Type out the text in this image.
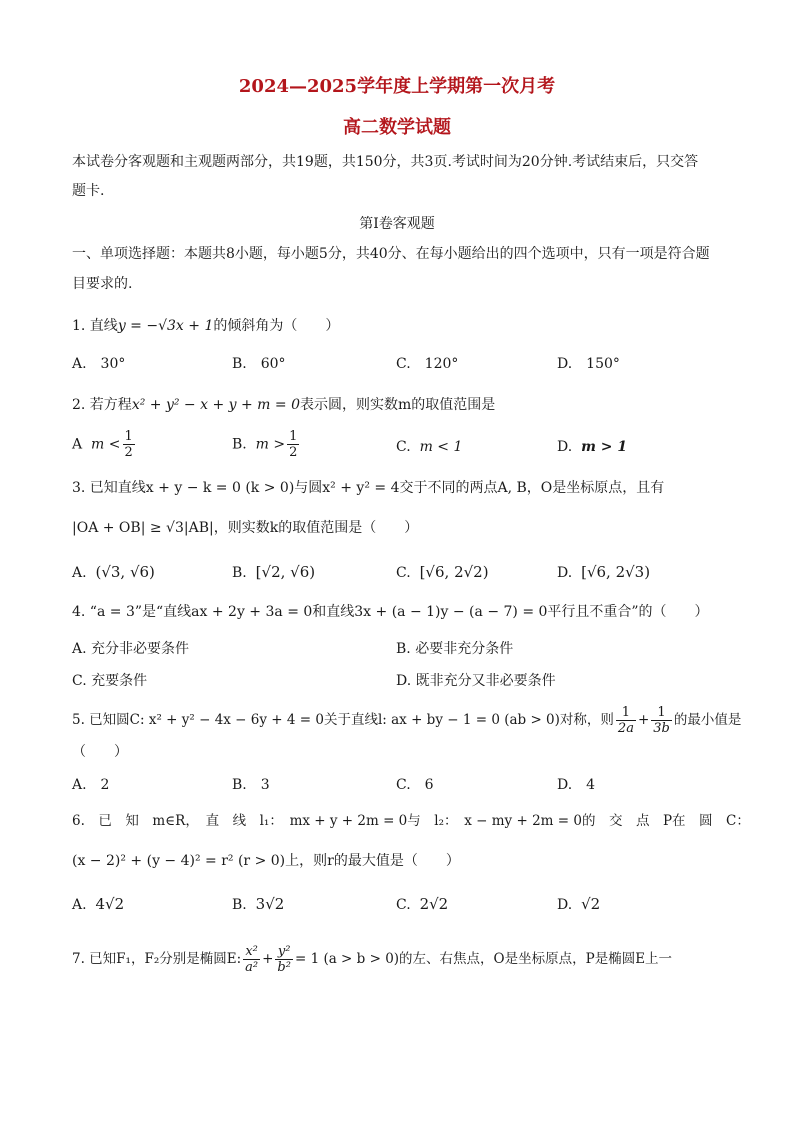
2024—2025学年度上学期第一次月考
高二数学试题
本试卷分客观题和主观题两部分，共19题，共150分，共3页.考试时间为20分钟.考试结束后，只交答
题卡.
第I卷客观题
一、单项选择题：本题共8小题，每小题5分，共40分、在每小题给出的四个选项中，只有一项是符合题
目要求的.
1. 直线y = −√3x + 1的倾斜角为（　　）
A.　30°	B.　60°	C.　120°	D.　150°
2. 若方程x² + y² − x + y + m = 0表示圆，则实数m的取值范围是
A $m < \frac{1}{2}$	B. $m > \frac{1}{2}$	C. m < 1	D. m > 1
3. 已知直线x + y − k = 0 (k > 0)与圆x² + y² = 4交于不同的两点A, B，O是坐标原点，且有
|OA + OB| ≥ √3|AB|，则实数k的取值范围是（　　）
A. (√3, √6)	B. [√2, √6)	C. [√6, 2√2)	D. [√6, 2√3)
4. “a = 3”是“直线ax + 2y + 3a = 0和直线3x + (a − 1)y − (a − 7) = 0平行且不重合”的（　　）
A. 充分非必要条件	B. 必要非充分条件
C. 充要条件	D. 既非充分又非必要条件
5. 已知圆C: x² + y² − 4x − 6y + 4 = 0关于直线l: ax + by − 1 = 0 (ab > 0)对称，则 $\frac{1}{2a} + \frac{1}{3b}$ 的最小值是
（　　）
A.　2	B.　3	C.　6	D.　4
6.　已　知　m∈R，　直　线　l₁：　mx + y + 2m = 0与　l₂：　x − my + 2m = 0的　交　点　P在　圆　C：
(x − 2)² + (y − 4)² = r² (r > 0)上，则r的最大值是（　　）
A. 4√2	B. 3√2	C. 2√2	D. √2
7. 已知F₁，F₂分别是椭圆E: $\frac{\text{x²}}{\text{a²}} + \frac{\text{y²}}{\text{b²}} = 1$ (a > b > 0)的左、右焦点，O是坐标原点，P是椭圆E上一
